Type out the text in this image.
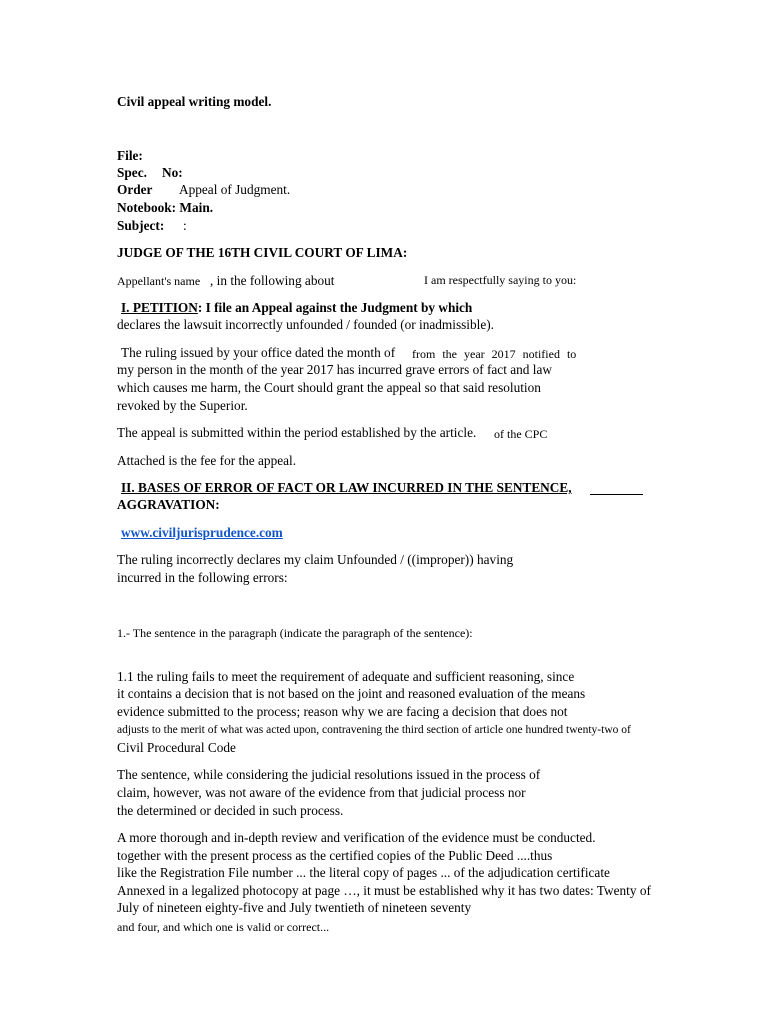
Civil appeal writing model.
File:
Spec. No:
Order Appeal of Judgment.
Notebook: Main.
Subject: :
JUDGE OF THE 16TH CIVIL COURT OF LIMA:
Appellant's name , in the following about	I am respectfully saying to you:
I. PETITION: I file an Appeal against the Judgment by which
declares the lawsuit incorrectly unfounded / founded (or inadmissible).
The ruling issued by your office dated the month of from the year 2017 notified to
my person in the month of the year 2017 has incurred grave errors of fact and law
which causes me harm, the Court should grant the appeal so that said resolution
revoked by the Superior.
The appeal is submitted within the period established by the article. of the CPC
Attached is the fee for the appeal.
II. BASES OF ERROR OF FACT OR LAW INCURRED IN THE SENTENCE,
AGGRAVATION:
www.civiljurisprudence.com
The ruling incorrectly declares my claim Unfounded / ((improper)) having
incurred in the following errors:
1.- The sentence in the paragraph (indicate the paragraph of the sentence):
1.1 the ruling fails to meet the requirement of adequate and sufficient reasoning, since
it contains a decision that is not based on the joint and reasoned evaluation of the means
evidence submitted to the process; reason why we are facing a decision that does not
adjusts to the merit of what was acted upon, contravening the third section of article one hundred twenty-two of
Civil Procedural Code
The sentence, while considering the judicial resolutions issued in the process of
claim, however, was not aware of the evidence from that judicial process nor
the determined or decided in such process.
A more thorough and in-depth review and verification of the evidence must be conducted.
together with the present process as the certified copies of the Public Deed ....thus
like the Registration File number ... the literal copy of pages ... of the adjudication certificate
Annexed in a legalized photocopy at page …, it must be established why it has two dates: Twenty of
July of nineteen eighty-five and July twentieth of nineteen seventy
and four, and which one is valid or correct...
